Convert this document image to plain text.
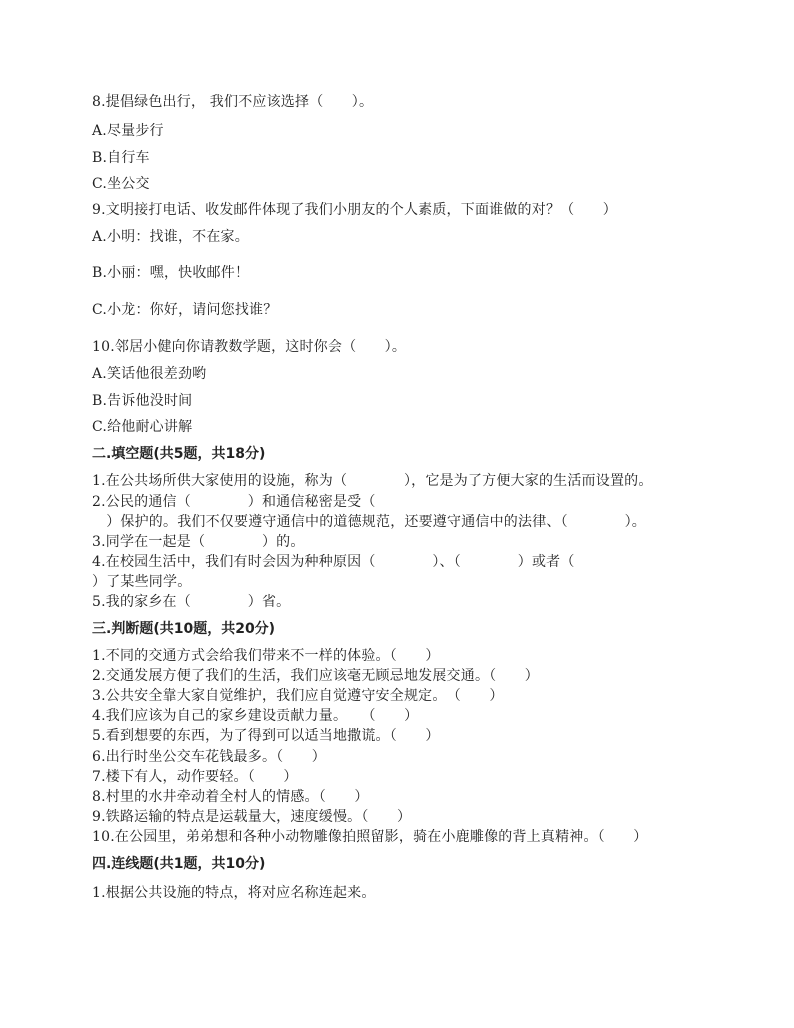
8.提倡绿色出行， 我们不应该选择（　　）。
A.尽量步行
B.自行车
C.坐公交
9.文明接打电话、收发邮件体现了我们小朋友的个人素质，下面谁做的对？（　　）
A.小明：找谁，不在家。
B.小丽：嘿，快收邮件！
C.小龙：你好，请问您找谁？
10.邻居小健向你请教数学题，这时你会（　　）。
A.笑话他很差劲哟
B.告诉他没时间
C.给他耐心讲解
二.填空题(共5题，共18分)
1.在公共场所供大家使用的设施，称为（　　　　），它是为了方便大家的生活而设置的。
2.公民的通信（　　　　）和通信秘密是受（
　）保护的。我们不仅要遵守通信中的道德规范，还要遵守通信中的法律、（　　　　）。
3.同学在一起是（　　　　）的。
4.在校园生活中，我们有时会因为种种原因（　　　　）、（　　　　）或者（
）了某些同学。
5.我的家乡在（　　　　）省。
三.判断题(共10题，共20分)
1.不同的交通方式会给我们带来不一样的体验。（　　）
2.交通发展方便了我们的生活，我们应该毫无顾忌地发展交通。（　　）
3.公共安全靠大家自觉维护，我们应自觉遵守安全规定。　（　　）
4.我们应该为自己的家乡建设贡献力量。　　（　　）
5.看到想要的东西，为了得到可以适当地撒谎。（　　）
6.出行时坐公交车花钱最多。（　　）
7.楼下有人，动作要轻。（　　）
8.村里的水井牵动着全村人的情感。（　　）
9.铁路运输的特点是运载量大，速度缓慢。（　　）
10.在公园里，弟弟想和各种小动物雕像拍照留影，骑在小鹿雕像的背上真精神。（　　）
四.连线题(共1题，共10分)
1.根据公共设施的特点，将对应名称连起来。
